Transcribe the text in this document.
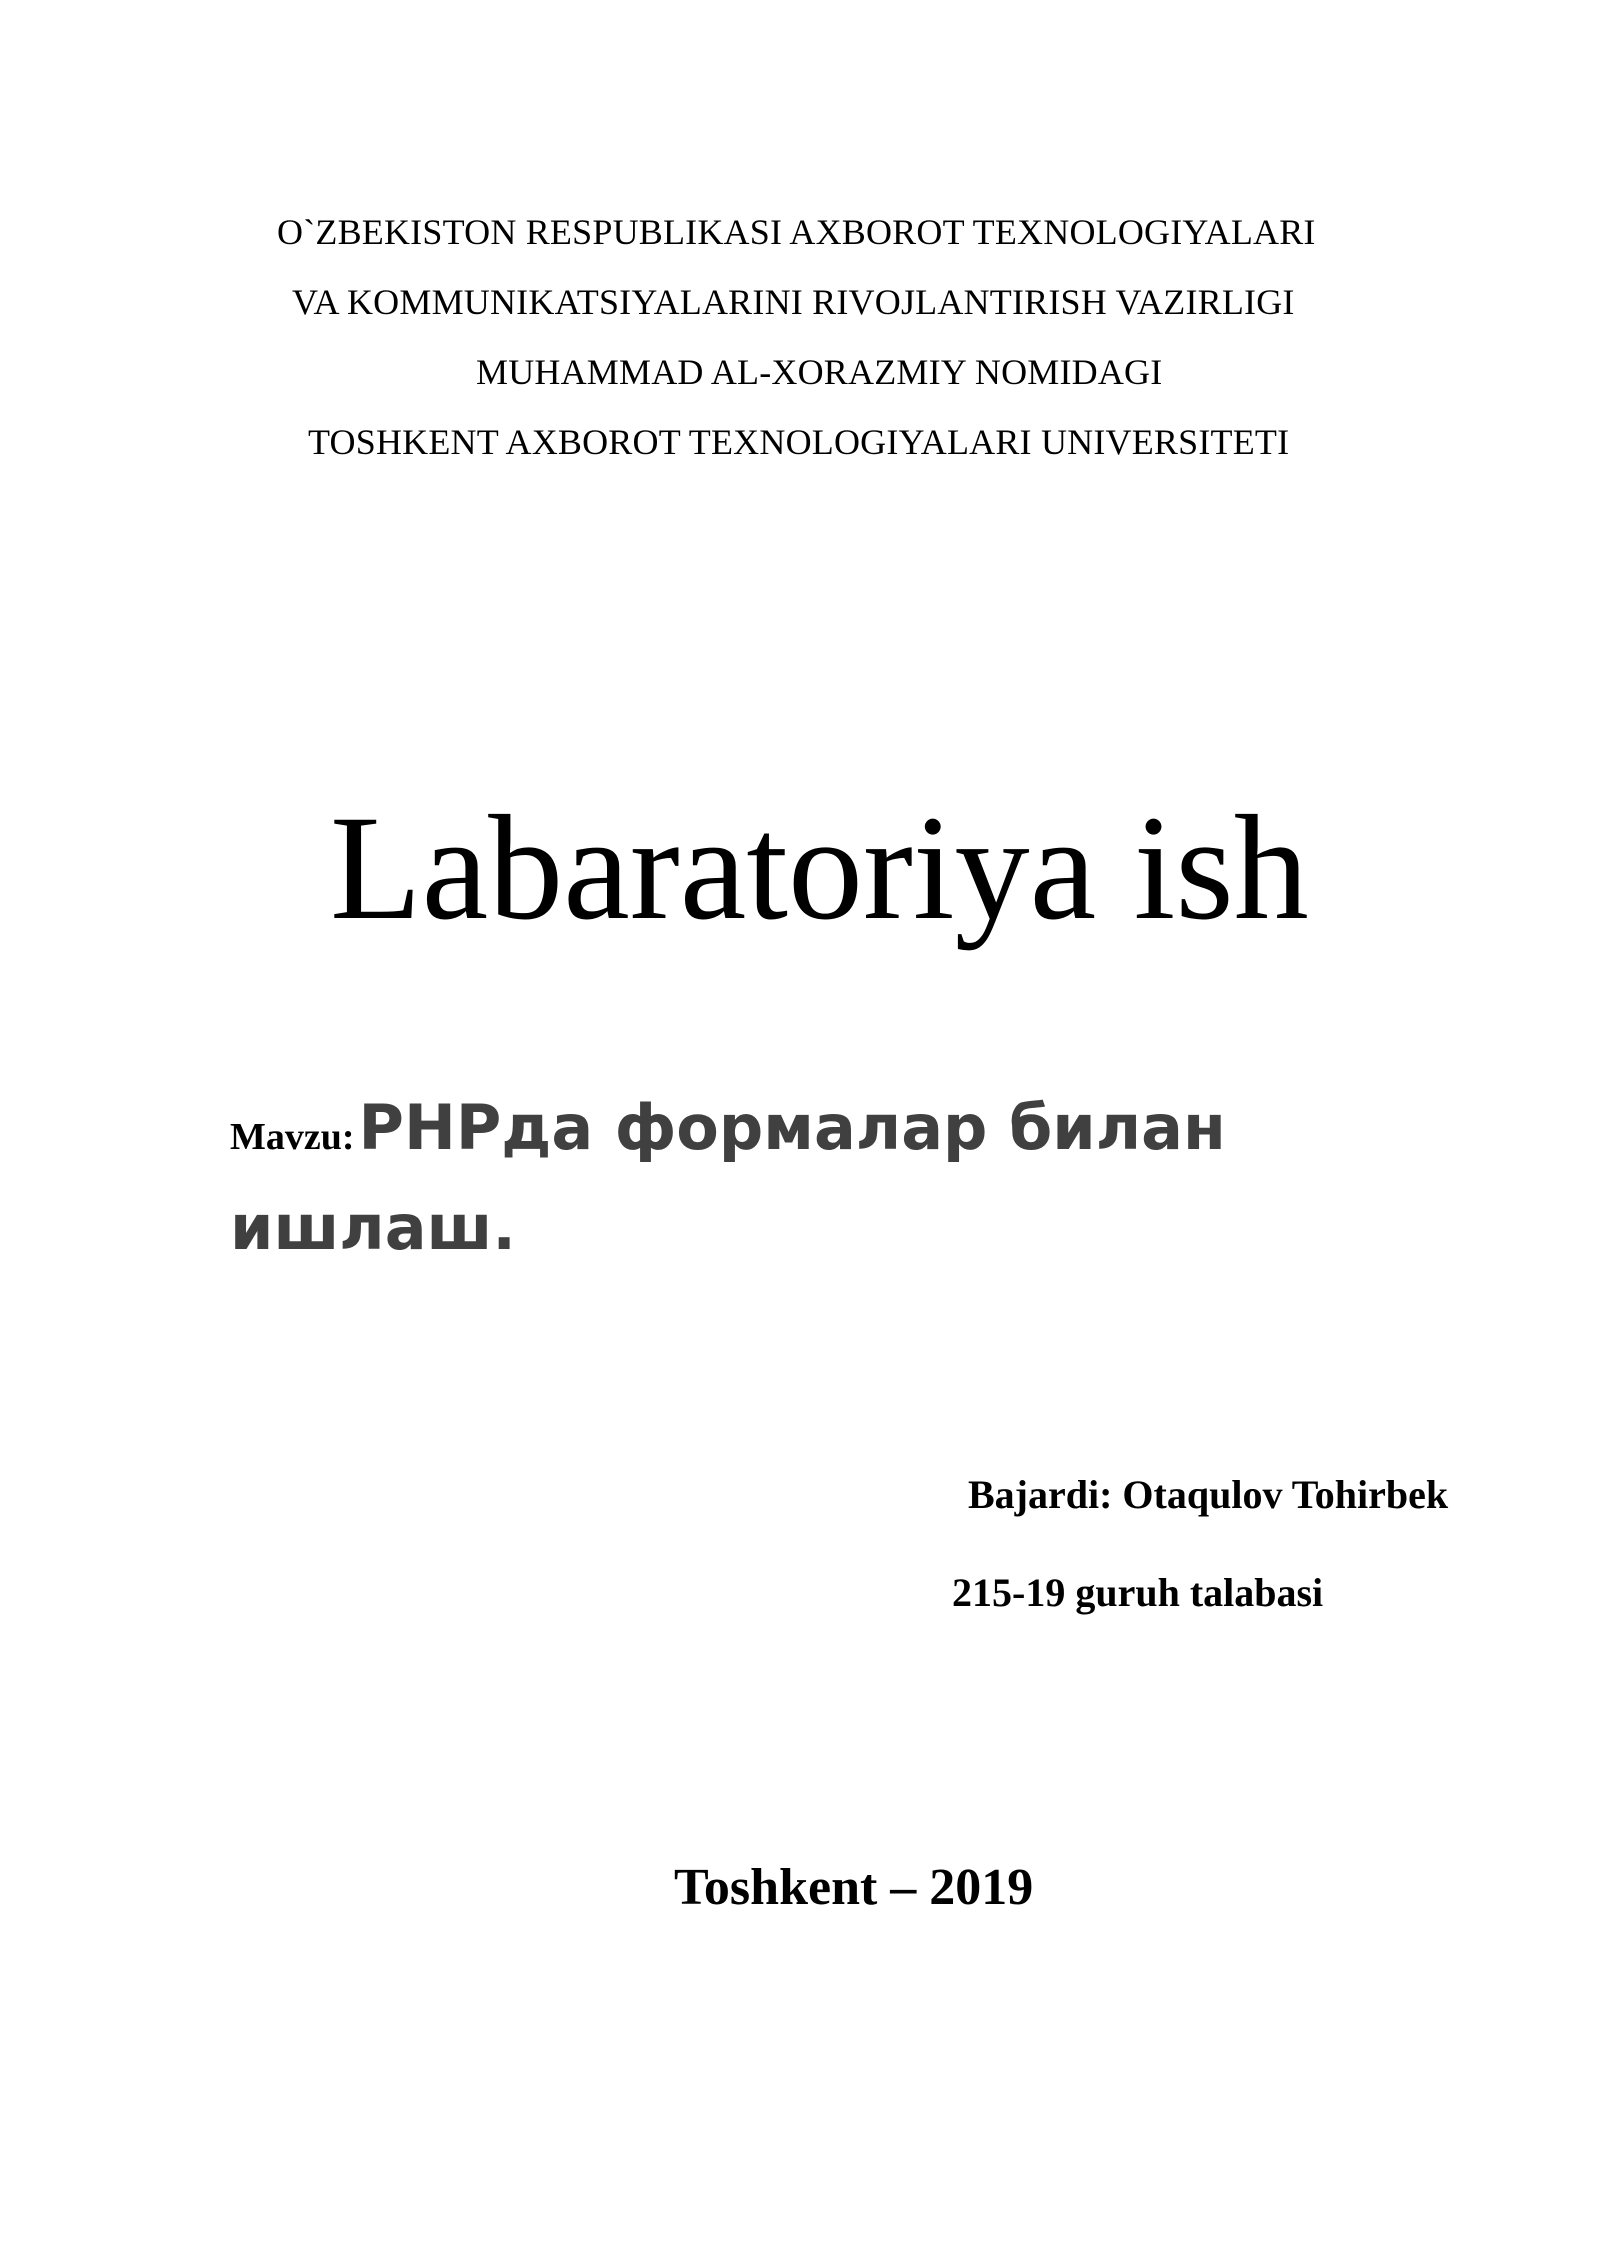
O`ZBEKISTON RESPUBLIKASI AXBOROT TEXNOLOGIYALARI
VA KOMMUNIKATSIYALARINI RIVOJLANTIRISH VAZIRLIGI
MUHAMMAD AL-XORAZMIY NOMIDAGI
TOSHKENT AXBOROT TEXNOLOGIYALARI UNIVERSITETI
Labaratoriya ish
Mavzu: PHPда формалар билан
ишлаш.
Bajardi: Otaqulov Tohirbek
215-19 guruh talabasi
Toshkent – 2019
